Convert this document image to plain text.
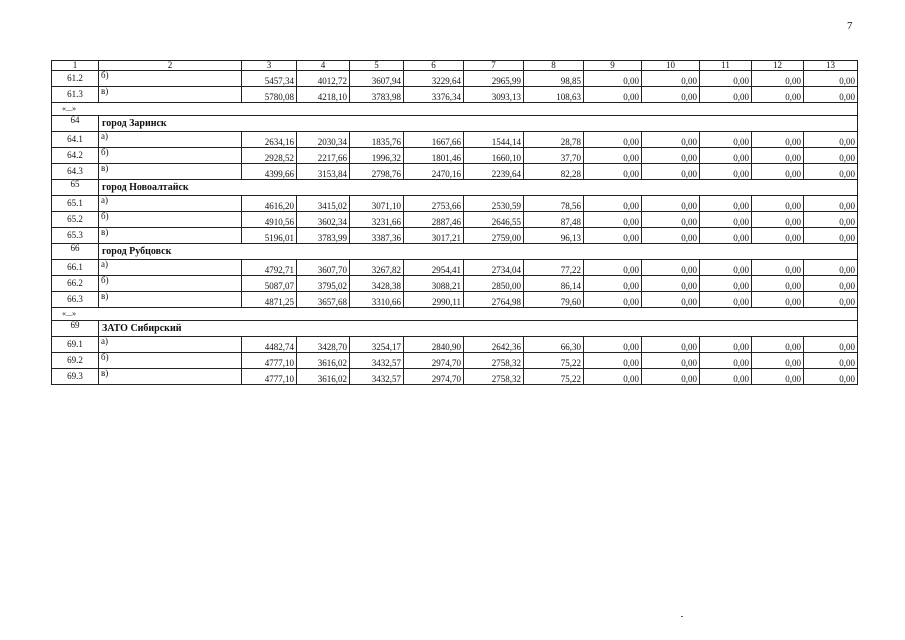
7
1	2	3	4	5	6	7	8	9	10	11	12	13
61.2	б)	5457,34	4012,72	3607,94	3229,64	2965,99	98,85	0,00	0,00	0,00	0,00	0,00
61.3	в)	5780,08	4218,10	3783,98	3376,34	3093,13	108,63	0,00	0,00	0,00	0,00	0,00
«...»												
64	город Заринск											
64.1	а)	2634,16	2030,34	1835,76	1667,66	1544,14	28,78	0,00	0,00	0,00	0,00	0,00
64.2	б)	2928,52	2217,66	1996,32	1801,46	1660,10	37,70	0,00	0,00	0,00	0,00	0,00
64.3	в)	4399,66	3153,84	2798,76	2470,16	2239,64	82,28	0,00	0,00	0,00	0,00	0,00
65	город Новоалтайск											
65.1	а)	4616,20	3415,02	3071,10	2753,66	2530,59	78,56	0,00	0,00	0,00	0,00	0,00
65.2	б)	4910,56	3602,34	3231,66	2887,46	2646,55	87,48	0,00	0,00	0,00	0,00	0,00
65.3	в)	5196,01	3783,99	3387,36	3017,21	2759,00	96,13	0,00	0,00	0,00	0,00	0,00
66	город Рубцовск											
66.1	а)	4792,71	3607,70	3267,82	2954,41	2734,04	77,22	0,00	0,00	0,00	0,00	0,00
66.2	б)	5087,07	3795,02	3428,38	3088,21	2850,00	86,14	0,00	0,00	0,00	0,00	0,00
66.3	в)	4871,25	3657,68	3310,66	2990,11	2764,98	79,60	0,00	0,00	0,00	0,00	0,00
«...»												
69	ЗАТО Сибирский											
69.1	а)	4482,74	3428,70	3254,17	2840,90	2642,36	66,30	0,00	0,00	0,00	0,00	0,00
69.2	б)	4777,10	3616,02	3432,57	2974,70	2758,32	75,22	0,00	0,00	0,00	0,00	0,00
69.3	в)	4777,10	3616,02	3432,57	2974,70	2758,32	75,22	0,00	0,00	0,00	0,00	0,00
